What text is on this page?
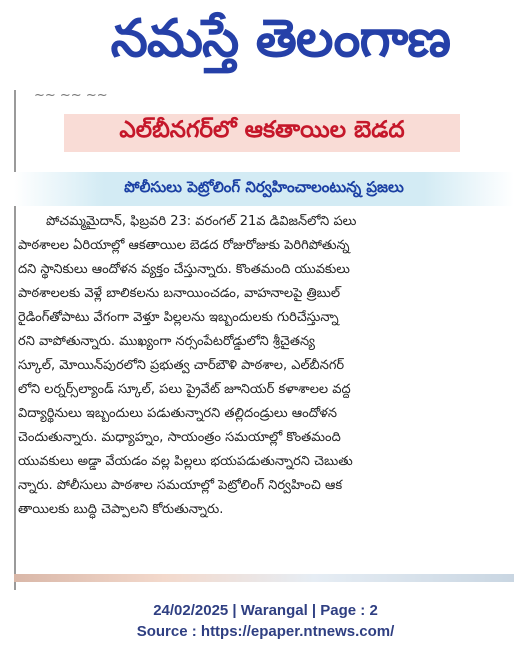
నమస్తే తెలంగాణ
~~ ~~ ~~
ఎల్‌బీనగర్‌లో ఆకతాయిల బెడద
పోలీసులు పెట్రోలింగ్ నిర్వహించాలంటున్న ప్రజలు
పోచమ్మమైదాన్, ఫిబ్రవరి 23: వరంగల్ 21వ డివిజన్‌లోని పలు
పాఠశాలల ఏరియాల్లో ఆకతాయిల బెడద రోజురోజుకు పెరిగిపోతున్న
దని స్థానికులు ఆందోళన వ్యక్తం చేస్తున్నారు. కొంతమంది యువకులు
పాఠశాలలకు వెళ్లే బాలికలను బనాయించడం, వాహనాలపై త్రిబుల్
రైడింగ్‌తోపాటు వేగంగా వెళ్తూ పిల్లలను ఇబ్బందులకు గురిచేస్తున్నా
రని వాపోతున్నారు. ముఖ్యంగా నర్సంపేటరోడ్డులోని శ్రీచైతన్య
స్కూల్, మోయిన్‌పురలోని ప్రభుత్వ చార్‌బౌళి పాఠశాల, ఎల్‌బీనగర్
లోని లర్నర్స్‌ల్యాండ్ స్కూల్, పలు ప్రైవేట్ జూనియర్ కళాశాలల వద్ద
విద్యార్థినులు ఇబ్బందులు పడుతున్నారని తల్లిదండ్రులు ఆందోళన
చెందుతున్నారు. మధ్యాహ్నం, సాయంత్రం సమయాల్లో కొంతమంది
యువకులు అడ్డా వేయడం వల్ల పిల్లలు భయపడుతున్నారని చెబుతు
న్నారు. పోలీసులు పాఠశాల సమయాల్లో పెట్రోలింగ్ నిర్వహించి ఆక
తాయిలకు బుద్ధి చెప్పాలని కోరుతున్నారు.
24/02/2025 | Warangal | Page : 2
Source : https://epaper.ntnews.com/
